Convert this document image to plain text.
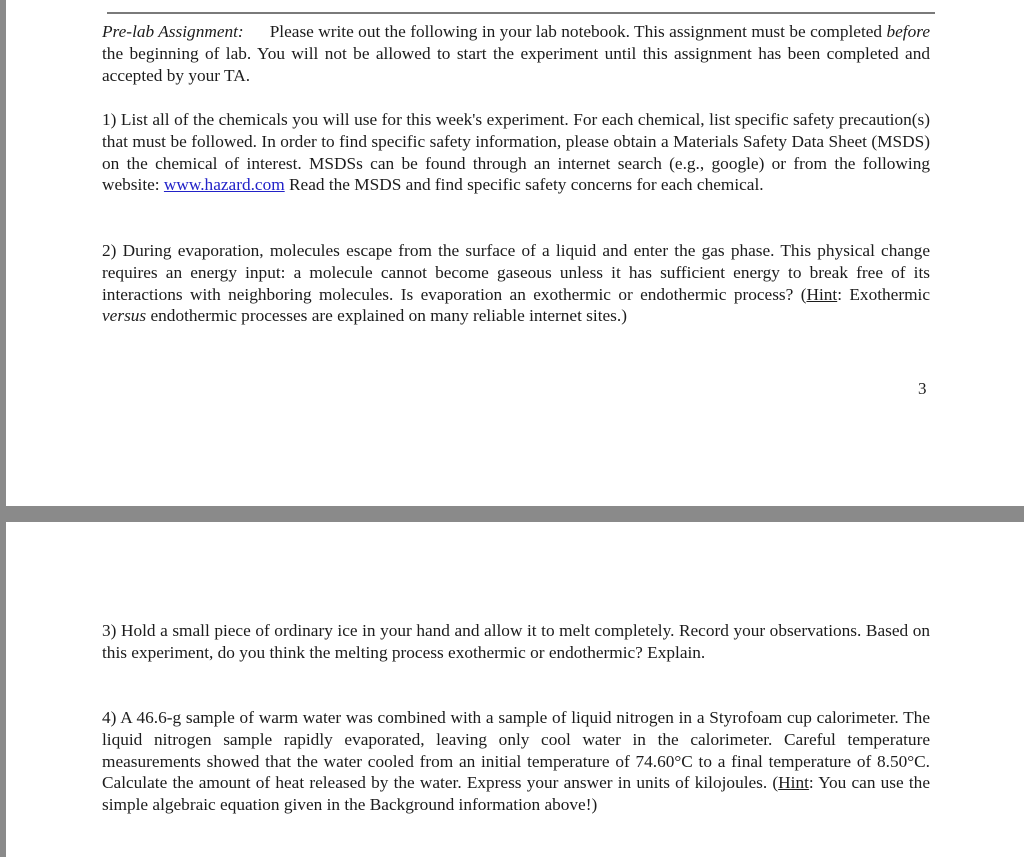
Pre-lab Assignment: Please write out the following in your lab notebook. This assignment must be completed before the beginning of lab. You will not be allowed to start the experiment until this assignment has been completed and accepted by your TA.

1) List all of the chemicals you will use for this week's experiment. For each chemical, list specific safety precaution(s) that must be followed. In order to find specific safety information, please obtain a Materials Safety Data Sheet (MSDS) on the chemical of interest. MSDSs can be found through an internet search (e.g., google) or from the following website: www.hazard.com Read the MSDS and find specific safety concerns for each chemical.

2) During evaporation, molecules escape from the surface of a liquid and enter the gas phase. This physical change requires an energy input: a molecule cannot become gaseous unless it has sufficient energy to break free of its interactions with neighboring molecules. Is evaporation an exothermic or endothermic process? (Hint: Exothermic versus endothermic processes are explained on many reliable internet sites.)

3

3) Hold a small piece of ordinary ice in your hand and allow it to melt completely. Record your observations. Based on this experiment, do you think the melting process exothermic or endothermic? Explain.

4) A 46.6-g sample of warm water was combined with a sample of liquid nitrogen in a Styrofoam cup calorimeter. The liquid nitrogen sample rapidly evaporated, leaving only cool water in the calorimeter. Careful temperature measurements showed that the water cooled from an initial temperature of 74.60°C to a final temperature of 8.50°C. Calculate the amount of heat released by the water. Express your answer in units of kilojoules. (Hint: You can use the simple algebraic equation given in the Background information above!)
